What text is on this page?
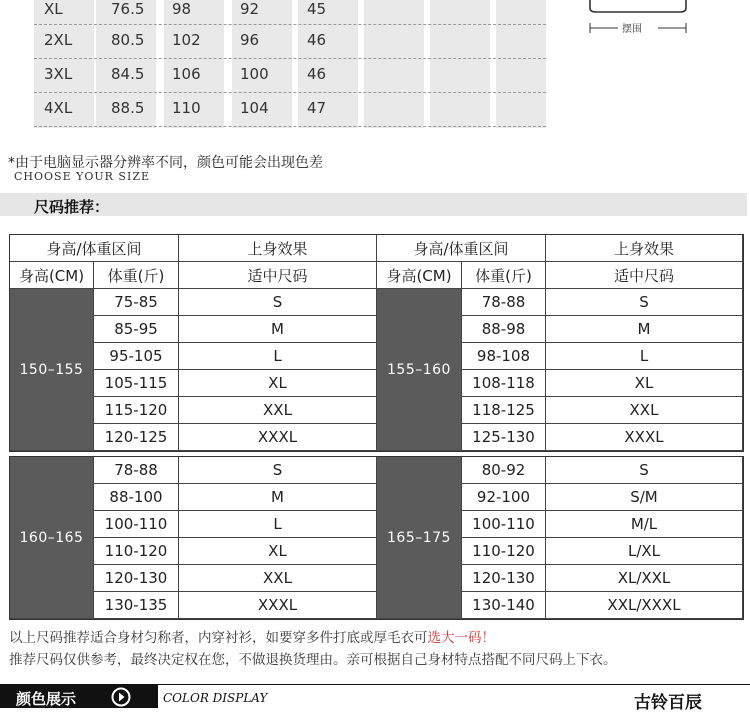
XL	76.5 98	92	45
2XL	80.5 102	96	46
3XL	84.5 106	100	46
4XL	88.5 110	104	47
摆围
*由于电脑显示器分辨率不同，颜色可能会出现色差
CHOOSE YOUR SIZE
尺码推荐：
身高/体重区间	上身效果
身高(CM)	体重(斤)	适中尺码
身高/体重区间	上身效果
身高(CM)	体重(斤)	适中尺码
150–155	155–160
75-85	S	78-88	S
85-95	M	88-98	M
95-105	L	98-108	L
105-115	XL	108-118	XL
115-120	XXL	118-125	XXL
120-125	XXXL	125-130	XXXL
160–165	165–175
78-88	S	80-92	S
88-100	M	92-100	S/M
100-110	L	100-110	M/L
110-120	XL	110-120	L/XL
120-130	XXL	120-130	XL/XXL
130-135	XXXL	130-140	XXL/XXXL
以上尺码推荐适合身材匀称者，内穿衬衫，如要穿多件打底或厚毛衣可选大一码！
推荐尺码仅供参考，最终决定权在您，不做退换货理由。亲可根据自己身材特点搭配不同尺码上下衣。
颜色展示	COLOR DISPLAY	古铃百辰
